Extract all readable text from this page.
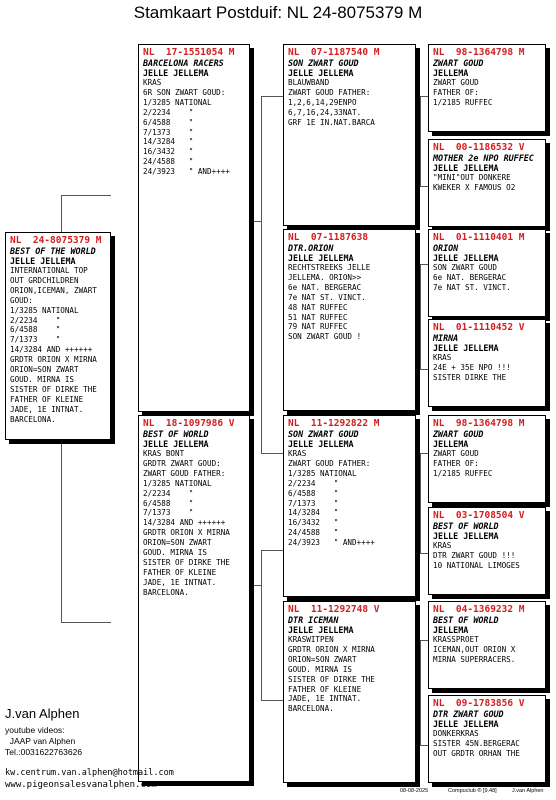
Stamkaart Postduif: NL 24-8075379 M
NL  24-8075379 M
BEST OF THE WORLD
JELLE JELLEMA
INTERNATIONAL TOP
OUT GRDCHILDREN
ORION,ICEMAN, ZWART
GOUD:
1/3285 NATIONAL
2/2234    "
6/4588    "
7/1373    "
14/3284 AND ++++++
GRDTR ORION X MIRNA
ORION=SON ZWART
GOUD. MIRNA IS
SISTER OF DIRKE THE
FATHER OF KLEINE
JADE, 1E INTNAT.
BARCELONA.
NL  17-1551054 M
BARCELONA RACERS
JELLE JELLEMA
KRAS
6R SON ZWART GOUD:
1/3285 NATIONAL
2/2234    "
6/4588    "
7/1373    "
14/3284   "
16/3432   "
24/4588   "
24/3923   " AND++++
NL  18-1097986 V
BEST OF WORLD
JELLE JELLEMA
KRAS BONT
GRDTR ZWART GOUD:
ZWART GOUD FATHER:
1/3285 NATIONAL
2/2234    "
6/4588    "
7/1373    "
14/3284 AND ++++++
GRDTR ORION X MIRNA
ORION=SON ZWART
GOUD. MIRNA IS
SISTER OF DIRKE THE
FATHER OF KLEINE
JADE, 1E INTNAT.
BARCELONA.
NL  07-1187540 M
SON ZWART GOUD
JELLE JELLEMA
BLAUWBAND
ZWART GOUD FATHER:
1,2,6,14,29ENPO
6,7,16,24,33NAT.
GRF 1E IN.NAT.BARCA
NL  07-1187638
DTR.ORION
JELLE JELLEMA
RECHTSTREEKS JELLE
JELLEMA. ORION>>
6e NAT. BERGERAC
7e NAT ST. VINCT.
48 NAT RUFFEC
51 NAT RUFFEC
79 NAT RUFFEC
SON ZWART GOUD !
NL  11-1292822 M
SON ZWART GOUD
JELLE JELLEMA
KRAS
ZWART GOUD FATHER:
1/3285 NATIONAL
2/2234    "
6/4588    "
7/1373    "
14/3284   "
16/3432   "
24/4588   "
24/3923   " AND++++
NL  11-1292748 V
DTR ICEMAN
JELLE JELLEMA
KRASWITPEN
GRDTR ORION X MIRNA
ORION=SON ZWART
GOUD. MIRNA IS
SISTER OF DIRKE THE
FATHER OF KLEINE
JADE, 1E INTNAT.
BARCELONA.
NL  98-1364798 M
ZWART GOUD
JELLEMA
ZWART GOUD
FATHER OF:
1/2185 RUFFEC
NL  00-1186532 V
MOTHER 2e NPO RUFFEC
JELLE JELLEMA
"MINI"OUT DONKERE
KWEKER X FAMOUS O2
NL  01-1110401 M
ORION
JELLE JELLEMA
SON ZWART GOUD
6e NAT. BERGERAC
7e NAT ST. VINCT.
NL  01-1110452 V
MIRNA
JELLE JELLEMA
KRAS
24E + 35E NPO !!!
SISTER DIRKE THE
NL  98-1364798 M
ZWART GOUD
JELLEMA
ZWART GOUD
FATHER OF:
1/2185 RUFFEC
NL  03-1708504 V
BEST OF WORLD
JELLE JELLEMA
KRAS
DTR ZWART GOUD !!!
10 NATIONAL LIMOGES
NL  04-1369232 M
BEST OF WORLD
JELLEMA
KRASSPROET
ICEMAN,OUT ORION X
MIRNA SUPERRACERS.
NL  09-1783856 V
DTR ZWART GOUD
JELLE JELLEMA
DONKERKRAS
SISTER 45N.BERGERAC
OUT GRDTR ORHAN THE
J.van Alphen
youtube videos:
JAAP van Alphen
Tel.:0031622763626
kw.centrum.van.alphen@hotmail.com
www.pigeonsalesvanalphen.com
08-08-2025	Compuclub ® [9.48]	J.van Alphen
